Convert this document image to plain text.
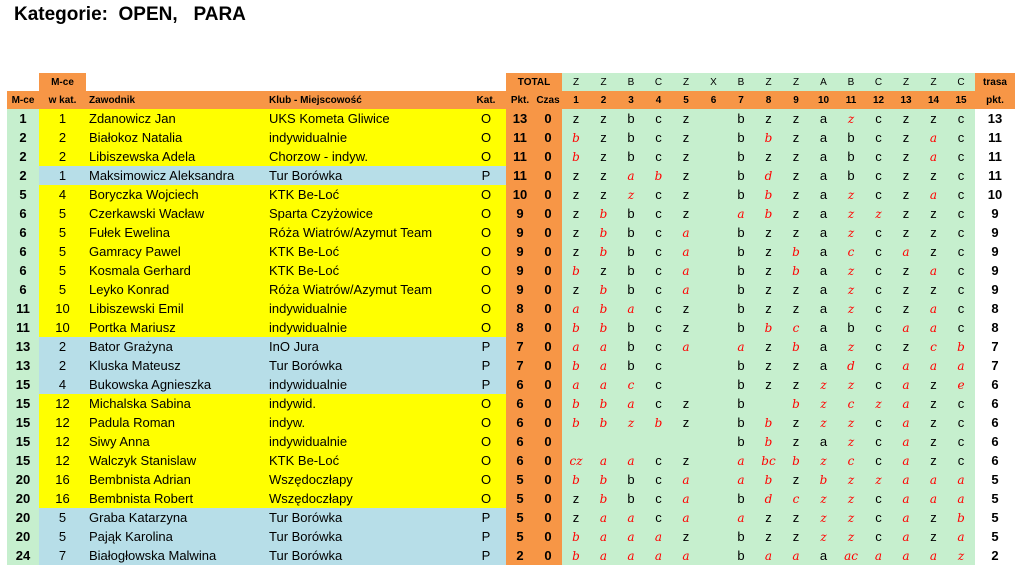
Kategorie:  OPEN,   PARA
	M-ce				TOTAL		Z	Z	B	C	Z	X	B	Z	Z	A	B	C	Z	Z	C	trasa
M-ce	w kat.	Zawodnik	Klub - Miejscowość	Kat.	Pkt.	Czas	1	2	3	4	5	6	7	8	9	10	11	12	13	14	15	pkt.
1	1	Zdanowicz Jan	UKS Kometa Gliwice	O	13	0	z	z	b	c	z		b	z	z	a	z	c	z	z	c	13
2	2	Białokoz Natalia	indywidualnie	O	11	0	b	z	b	c	z		b	b	z	a	b	c	z	a	c	11
2	2	Libiszewska Adela	Chorzow - indyw.	O	11	0	b	z	b	c	z		b	z	z	a	b	c	z	a	c	11
2	1	Maksimowicz Aleksandra	Tur Borówka	P	11	0	z	z	a	b	z		b	d	z	a	b	c	z	z	c	11
5	4	Boryczka Wojciech	KTK Be-Loć	O	10	0	z	z	z	c	z		b	b	z	a	z	c	z	a	c	10
6	5	Czerkawski Wacław	Sparta Czyżowice	O	9	0	z	b	b	c	z		a	b	z	a	z	z	z	z	c	9
6	5	Fułek Ewelina	Róża Wiatrów/Azymut Team	O	9	0	z	b	b	c	a		b	z	z	a	z	c	z	z	c	9
6	5	Gamracy Pawel	KTK Be-Loć	O	9	0	z	b	b	c	a		b	z	b	a	c	c	a	z	c	9
6	5	Kosmala Gerhard	KTK Be-Loć	O	9	0	b	z	b	c	a		b	z	b	a	z	c	z	a	c	9
6	5	Leyko Konrad	Róża Wiatrów/Azymut Team	O	9	0	z	b	b	c	a		b	z	z	a	z	c	z	z	c	9
11	10	Libiszewski Emil	indywidualnie	O	8	0	a	b	a	c	z		b	z	z	a	z	c	z	a	c	8
11	10	Portka Mariusz	indywidualnie	O	8	0	b	b	b	c	z		b	b	c	a	b	c	a	a	c	8
13	2	Bator Grażyna	InO Jura	P	7	0	a	a	b	c	a		a	z	b	a	z	c	z	c	b	7
13	2	Kluska Mateusz	Tur Borówka	P	7	0	b	a	b	c			b	z	z	a	d	c	a	a	a	7
15	4	Bukowska Agnieszka	indywidualnie	P	6	0	a	a	c	c			b	z	z	z	z	c	a	z	e	6
15	12	Michalska Sabina	indywid.	O	6	0	b	b	a	c	z		b		b	z	c	z	a	z	c	6
15	12	Padula Roman	indyw.	O	6	0	b	b	z	b	z		b	b	z	z	z	c	a	z	c	6
15	12	Siwy Anna	indywidualnie	O	6	0							b	b	z	a	z	c	a	z	c	6
15	12	Walczyk Stanislaw	KTK Be-Loć	O	6	0	cz	a	a	c	z		a	bc	b	z	c	c	a	z	c	6
20	16	Bembnista Adrian	Wszędoczłapy	O	5	0	b	b	b	c	a		a	b	z	b	z	z	a	a	a	5
20	16	Bembnista Robert	Wszędoczłapy	O	5	0	z	b	b	c	a		b	d	c	z	z	c	a	a	a	5
20	5	Graba Katarzyna	Tur Borówka	P	5	0	z	a	a	c	a		a	z	z	z	z	c	a	z	b	5
20	5	Pająk Karolina	Tur Borówka	P	5	0	b	a	a	a	z		b	z	z	z	z	c	a	z	a	5
24	7	Białogłowska Malwina	Tur Borówka	P	2	0	b	a	a	a	a		b	a	a	a	ac	a	a	a	z	2
